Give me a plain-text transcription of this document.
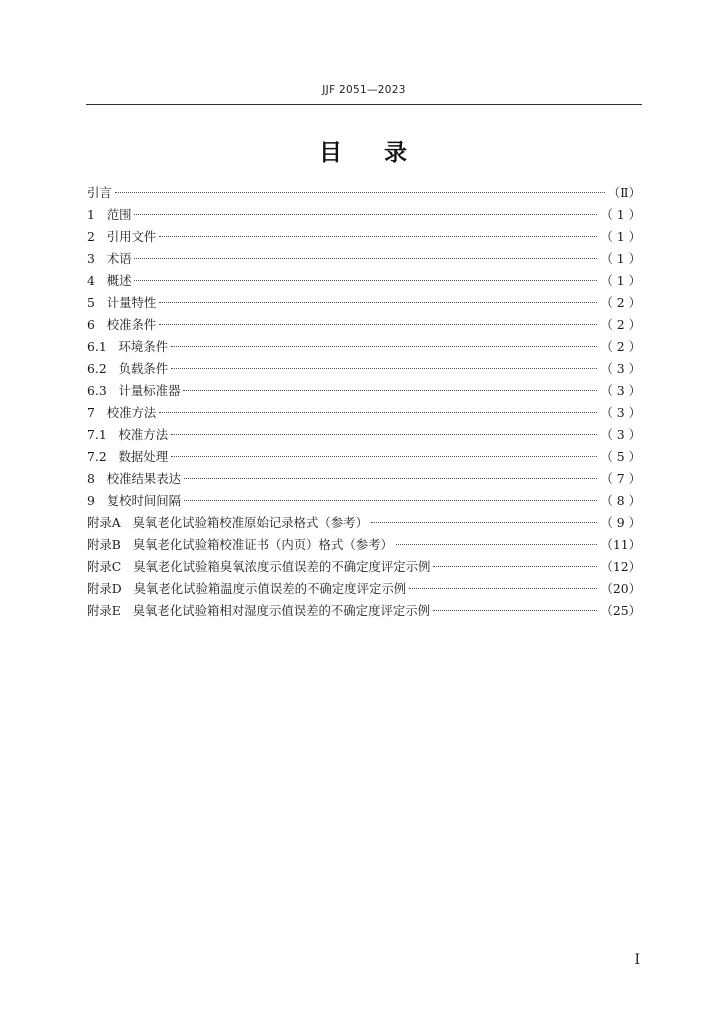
JJF 2051—2023
目    录
引言	（Ⅱ）
1   范围	（ 1 ）
2   引用文件	（ 1 ）
3   术语	（ 1 ）
4   概述	（ 1 ）
5   计量特性	（ 2 ）
6   校准条件	（ 2 ）
6.1   环境条件	（ 2 ）
6.2   负载条件	（ 3 ）
6.3   计量标准器	（ 3 ）
7   校准方法	（ 3 ）
7.1   校准方法	（ 3 ）
7.2   数据处理	（ 5 ）
8   校准结果表达	（ 7 ）
9   复校时间间隔	（ 8 ）
附录A   臭氧老化试验箱校准原始记录格式（参考）	（ 9 ）
附录B   臭氧老化试验箱校准证书（内页）格式（参考）	（11）
附录C   臭氧老化试验箱臭氧浓度示值误差的不确定度评定示例	（12）
附录D   臭氧老化试验箱温度示值误差的不确定度评定示例	（20）
附录E   臭氧老化试验箱相对湿度示值误差的不确定度评定示例	（25）
I
